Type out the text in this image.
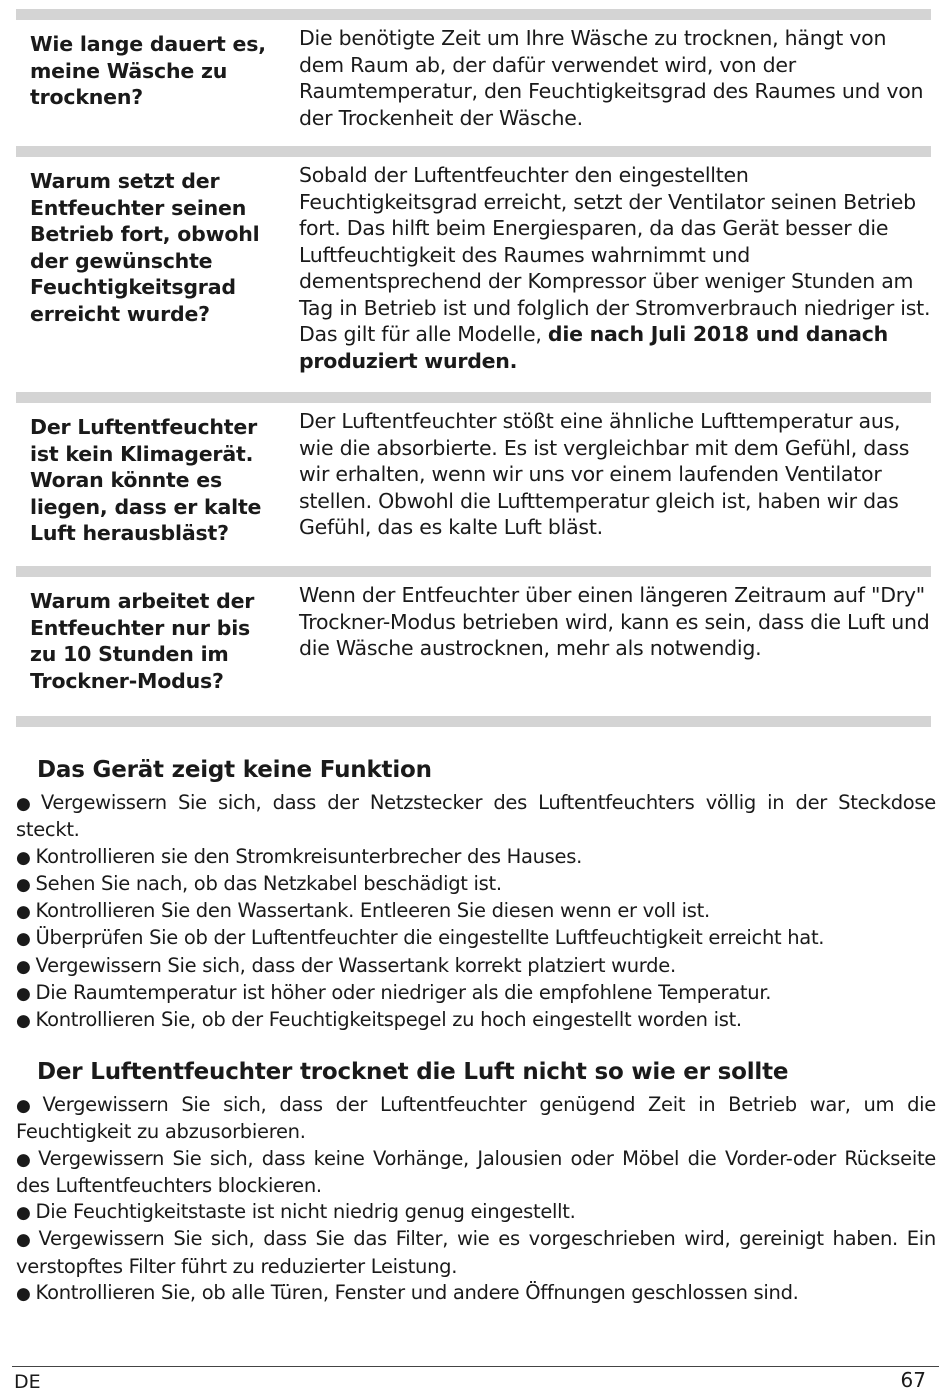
Wie lange dauert es, meine Wäsche zu trocknen?
Die benötigte Zeit um Ihre Wäsche zu trocknen, hängt von dem Raum ab, der dafür verwendet wird, von der Raumtemperatur, den Feuchtigkeitsgrad des Raumes und von der Trockenheit der Wäsche.
Warum setzt der Entfeuchter seinen Betrieb fort, obwohl der gewünschte Feuchtigkeitsgrad erreicht wurde?
Sobald der Luftentfeuchter den eingestellten Feuchtigkeitsgrad erreicht, setzt der Ventilator seinen Betrieb fort. Das hilft beim Energiesparen, da das Gerät besser die Luftfeuchtigkeit des Raumes wahrnimmt und dementsprechend der Kompressor über weniger Stunden am Tag in Betrieb ist und folglich der Stromverbrauch niedriger ist. Das gilt für alle Modelle, die nach Juli 2018 und danach produziert wurden.
Der Luftentfeuchter ist kein Klimagerät. Woran könnte es liegen, dass er kalte Luft herausbläst?
Der Luftentfeuchter stößt eine ähnliche Lufttemperatur aus, wie die absorbierte. Es ist vergleichbar mit dem Gefühl, dass wir erhalten, wenn wir uns vor einem laufenden Ventilator stellen. Obwohl die Lufttemperatur gleich ist, haben wir das Gefühl, das es kalte Luft bläst.
Warum arbeitet der Entfeuchter nur bis zu 10 Stunden im Trockner-Modus?
Wenn der Entfeuchter über einen längeren Zeitraum auf "Dry" Trockner-Modus betrieben wird, kann es sein, dass die Luft und die Wäsche austrocknen, mehr als notwendig.
Das Gerät zeigt keine Funktion
● Vergewissern Sie sich, dass der Netzstecker des Luftentfeuchters völlig in der Steckdose steckt.
● Kontrollieren sie den Stromkreisunterbrecher des Hauses.
● Sehen Sie nach, ob das Netzkabel beschädigt ist.
● Kontrollieren Sie den Wassertank. Entleeren Sie diesen wenn er voll ist.
● Überprüfen Sie ob der Luftentfeuchter die eingestellte Luftfeuchtigkeit erreicht hat.
● Vergewissern Sie sich, dass der Wassertank korrekt platziert wurde.
● Die Raumtemperatur ist höher oder niedriger als die empfohlene Temperatur.
● Kontrollieren Sie, ob der Feuchtigkeitspegel zu hoch eingestellt worden ist.
Der Luftentfeuchter trocknet die Luft nicht so wie er sollte
● Vergewissern Sie sich, dass der Luftentfeuchter genügend Zeit in Betrieb war, um die Feuchtigkeit zu abzusorbieren.
● Vergewissern Sie sich, dass keine Vorhänge, Jalousien oder Möbel die Vorder-oder Rückseite des Luftentfeuchters blockieren.
● Die Feuchtigkeitstaste ist nicht niedrig genug eingestellt.
● Vergewissern Sie sich, dass Sie das Filter, wie es vorgeschrieben wird, gereinigt haben. Ein verstopftes Filter führt zu reduzierter Leistung.
● Kontrollieren Sie, ob alle Türen, Fenster und andere Öffnungen geschlossen sind.
DE	67
